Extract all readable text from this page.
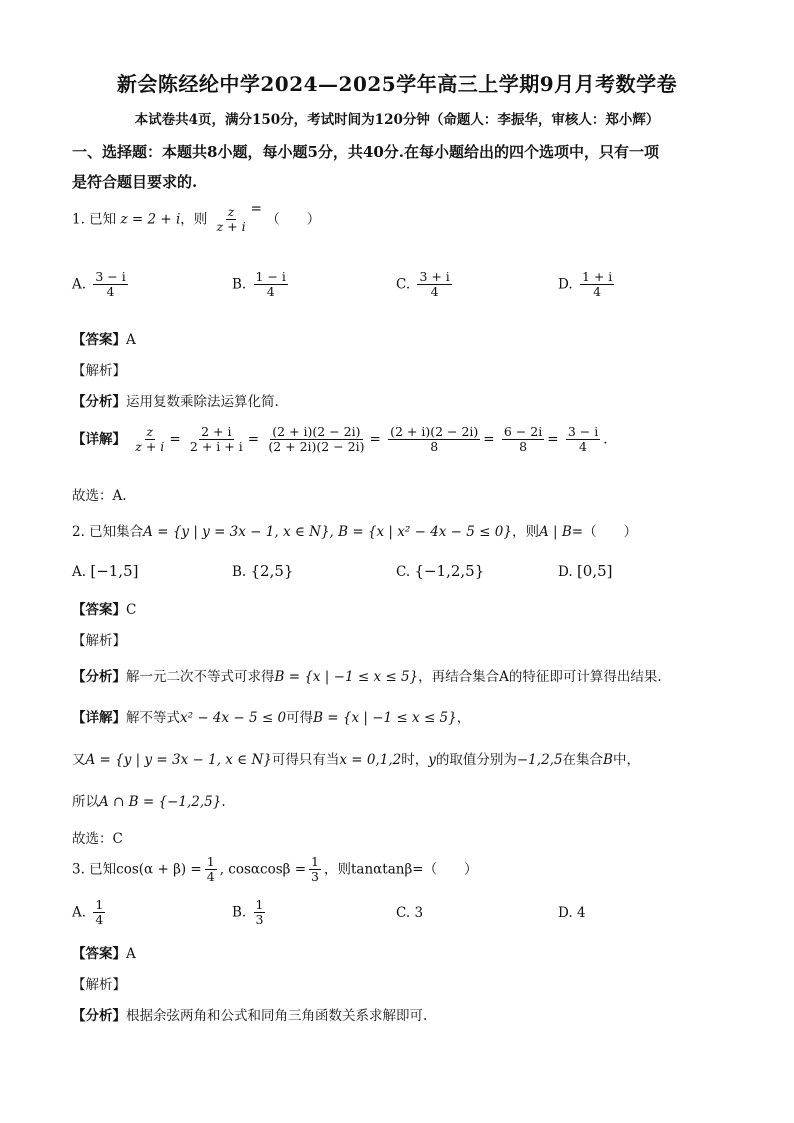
新会陈经纶中学2024—2025学年高三上学期9月月考数学卷
本试卷共4页，满分150分，考试时间为120分钟（命题人：李振华，审核人：郑小辉）
一、选择题：本题共8小题，每小题5分，共40分.在每小题给出的四个选项中，只有一项
是符合题目要求的.
1. 已知 z = 2 + i，则 $\frac{z}{z + i}$ = （　　）
A. $\frac{3 - i}{4}$	B. $\frac{1 - i}{4}$	C. $\frac{3 + i}{4}$	D. $\frac{1 + i}{4}$
【答案】A
【解析】
【分析】运用复数乘除法运算化简.
【详解】 $\frac{z}{z + i} = \frac{2 + i}{2 + i + i} = \frac{(2 + i)(2 - 2i)}{(2 + 2i)(2 - 2i)} = \frac{(2 + i)(2 - 2i)}{8} = \frac{6 - 2i}{8} = \frac{3 - i}{4}$ .
故选：A.
2. 已知集合A = {y | y = 3x − 1, x ∈ N}, B = {x | x² − 4x − 5 ≤ 0}，则A | B=（　　）
A. [−1,5]	B. {2,5}	C. {−1,2,5}	D. [0,5]
【答案】C
【解析】
【分析】解一元二次不等式可求得B = {x | −1 ≤ x ≤ 5}，再结合集合A的特征即可计算得出结果.
【详解】解不等式x² − 4x − 5 ≤ 0可得B = {x | −1 ≤ x ≤ 5}，
又A = {y | y = 3x − 1, x ∈ N}可得只有当x = 0,1,2时，y的取值分别为−1,2,5在集合B中，
所以A ∩ B = {−1,2,5}.
故选：C
3. 已知$\cos(\alpha + \beta) = \frac{1}{4}$ , $\cos\alpha\cos\beta = \frac{1}{3}$ ，则tanαtanβ=（　　）
A. $\frac{1}{4}$	B. $\frac{1}{3}$	C. 3	D. 4
【答案】A
【解析】
【分析】根据余弦两角和公式和同角三角函数关系求解即可.
